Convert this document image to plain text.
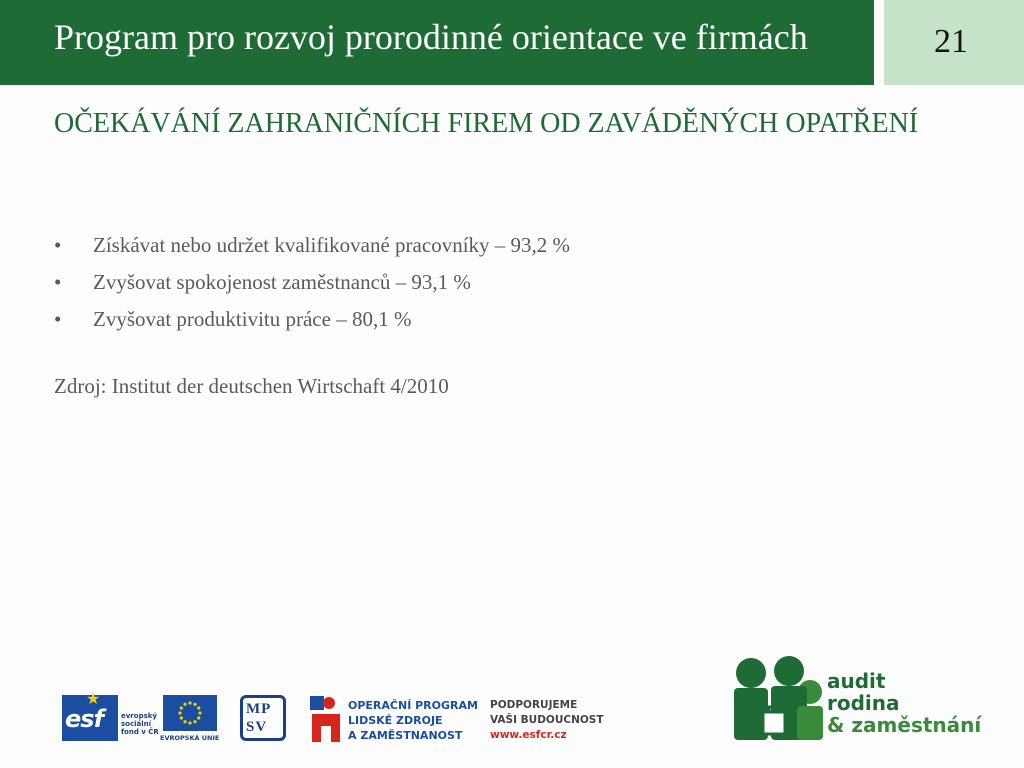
Program pro rozvoj prorodinné orientace ve firmách	21
OČEKÁVÁNÍ ZAHRANIČNÍCH FIREM OD ZAVÁDĚNÝCH OPATŘENÍ
• Získávat nebo udržet kvalifikované pracovníky – 93,2 %
• Zvyšovat spokojenost zaměstnanců – 93,1 %
• Zvyšovat produktivitu práce – 80,1 %
Zdroj: Institut der deutschen Wirtschaft 4/2010
★
esf	evropský
sociální
fond v ČR
EVROPSKÁ UNIE
MP
SV
OPERAČNÍ PROGRAM
LIDSKÉ ZDROJE
A ZAMĚSTNANOST
PODPORUJEME
VAŠI BUDOUCNOST
www.esfcr.cz
audit
rodina
& zaměstnání
